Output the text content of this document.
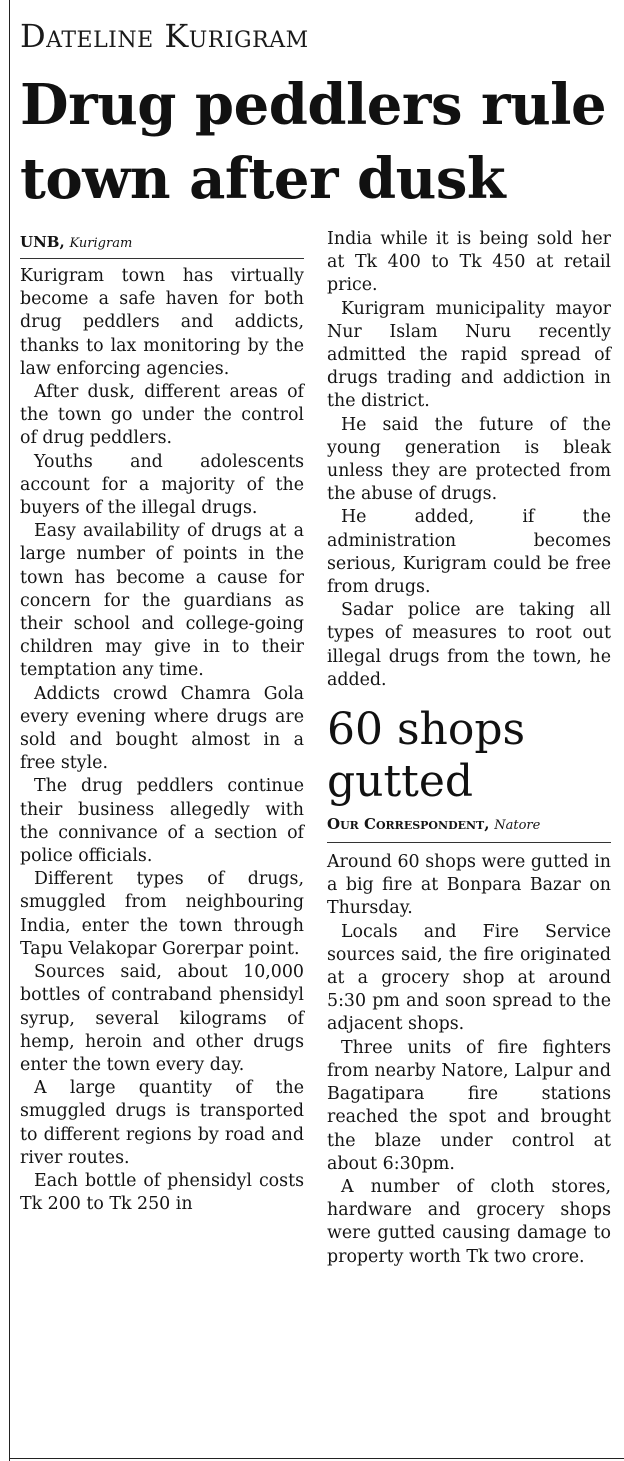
Dateline Kurigram
Drug peddlers rule town after dusk
UNB, Kurigram

Kurigram town has virtually become a safe haven for both drug peddlers and addicts, thanks to lax monitoring by the law enforcing agencies.

After dusk, different areas of the town go under the control of drug peddlers.

Youths and adolescents account for a majority of the buyers of the illegal drugs.

Easy availability of drugs at a large number of points in the town has become a cause for concern for the guardians as their school and college-going children may give in to their temptation any time.

Addicts crowd Chamra Gola every evening where drugs are sold and bought almost in a free style.

The drug peddlers continue their business allegedly with the connivance of a section of police officials.

Different types of drugs, smuggled from neighbouring India, enter the town through Tapu Velakopar Gorerpar point.

Sources said, about 10,000 bottles of contraband phensidyl syrup, several kilograms of hemp, heroin and other drugs enter the town every day.

A large quantity of the smuggled drugs is transported to different regions by road and river routes.

Each bottle of phensidyl costs Tk 200 to Tk 250 in

India while it is being sold her at Tk 400 to Tk 450 at retail price.

Kurigram municipality mayor Nur Islam Nuru recently admitted the rapid spread of drugs trading and addiction in the district.

He said the future of the young generation is bleak unless they are protected from the abuse of drugs.

He added, if the administration becomes serious, Kurigram could be free from drugs.

Sadar police are taking all types of measures to root out illegal drugs from the town, he added.

60 shops gutted
Our Correspondent, Natore

Around 60 shops were gutted in a big fire at Bonpara Bazar on Thursday.

Locals and Fire Service sources said, the fire originated at a grocery shop at around 5:30 pm and soon spread to the adjacent shops.

Three units of fire fighters from nearby Natore, Lalpur and Bagatipara fire stations reached the spot and brought the blaze under control at about 6:30pm.

A number of cloth stores, hardware and grocery shops were gutted causing damage to property worth Tk two crore.
